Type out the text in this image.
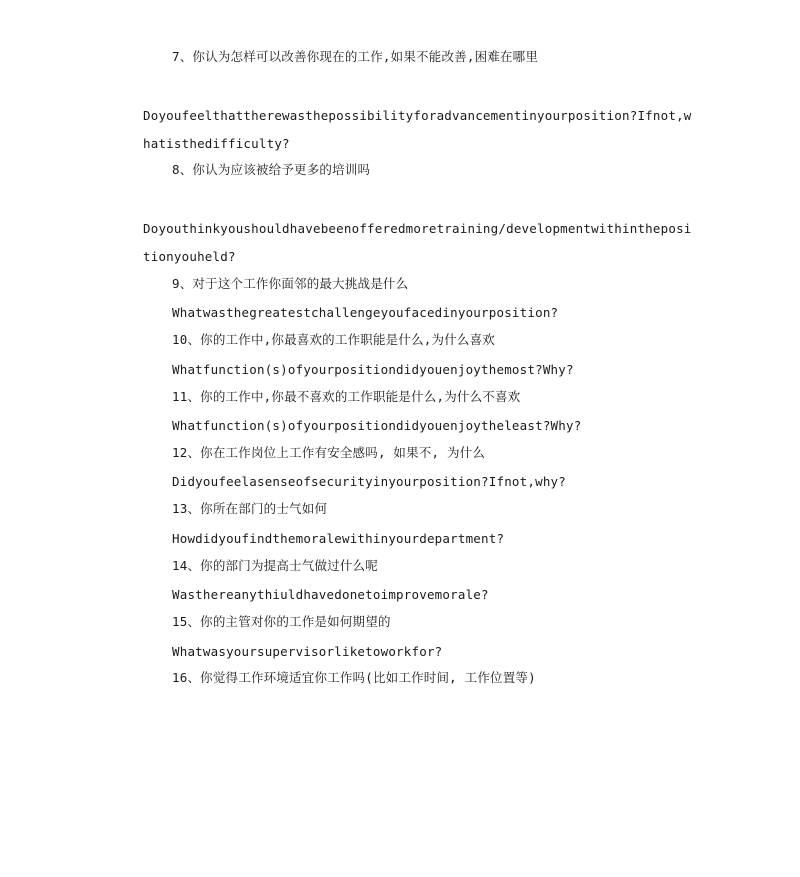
7、你认为怎样可以改善你现在的工作,如果不能改善,困难在哪里
Doyoufeelthattherewasthepossibilityforadvancementinyourposition?Ifnot,w
hatisthedifficulty?
8、你认为应该被给予更多的培训吗
Doyouthinkyoushouldhavebeenofferedmoretraining/developmentwithintheposi
tionyouheld?
9、对于这个工作你面邻的最大挑战是什么
Whatwasthegreatestchallengeyoufacedinyourposition?
10、你的工作中,你最喜欢的工作职能是什么,为什么喜欢
Whatfunction(s)ofyourpositiondidyouenjoythemost?Why?
11、你的工作中,你最不喜欢的工作职能是什么,为什么不喜欢
Whatfunction(s)ofyourpositiondidyouenjoytheleast?Why?
12、你在工作岗位上工作有安全感吗, 如果不, 为什么
Didyoufeelasenseofsecurityinyourposition?Ifnot,why?
13、你所在部门的士气如何
Howdidyoufindthemoralewithinyourdepartment?
14、你的部门为提高士气做过什么呢
Wasthereanythiuldhavedonetoimprovemorale?
15、你的主管对你的工作是如何期望的
Whatwasyoursupervisorliketoworkfor?
16、你觉得工作环境适宜你工作吗(比如工作时间, 工作位置等)
